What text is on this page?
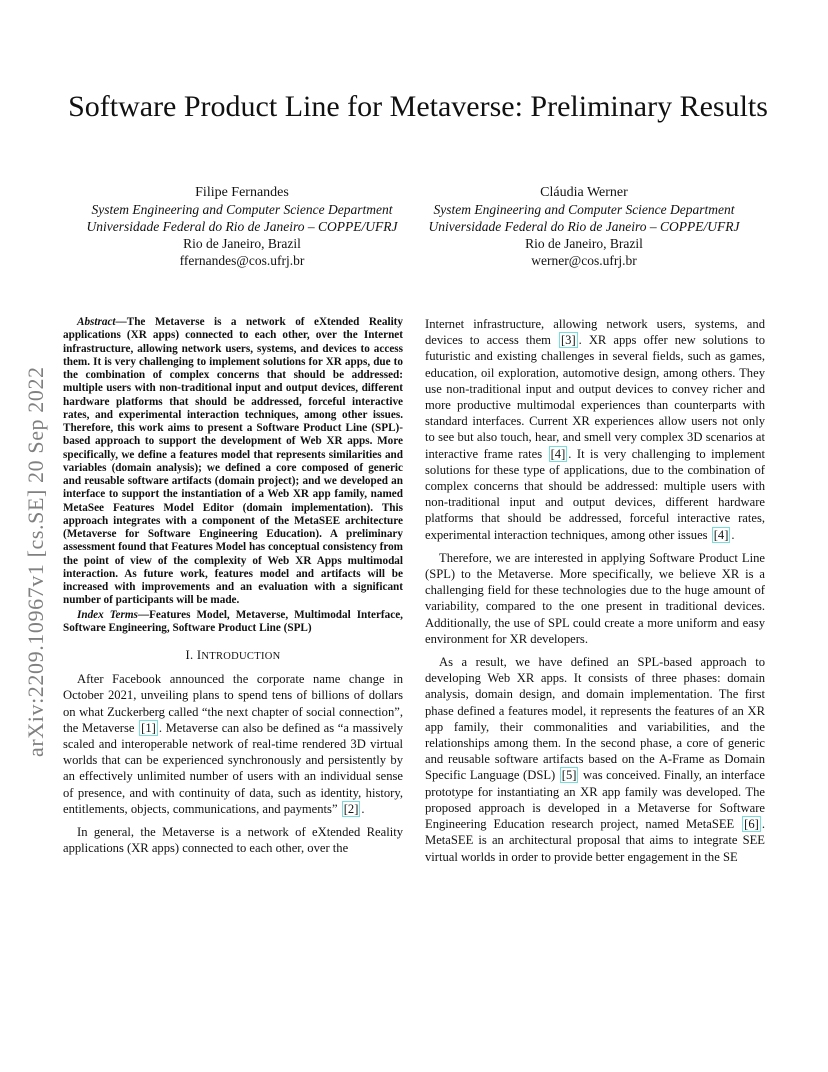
arXiv:2209.10967v1 [cs.SE] 20 Sep 2022
Software Product Line for Metaverse: Preliminary Results
Filipe Fernandes
System Engineering and Computer Science Department
Universidade Federal do Rio de Janeiro – COPPE/UFRJ
Rio de Janeiro, Brazil
ffernandes@cos.ufrj.br
Cláudia Werner
System Engineering and Computer Science Department
Universidade Federal do Rio de Janeiro – COPPE/UFRJ
Rio de Janeiro, Brazil
werner@cos.ufrj.br

Abstract—The Metaverse is a network of eXtended Reality applications (XR apps) connected to each other, over the Internet infrastructure, allowing network users, systems, and devices to access them. It is very challenging to implement solutions for XR apps, due to the combination of complex concerns that should be addressed: multiple users with non-traditional input and output devices, different hardware platforms that should be addressed, forceful interactive rates, and experimental interaction techniques, among other issues. Therefore, this work aims to present a Software Product Line (SPL)-based approach to support the development of Web XR apps. More specifically, we define a features model that represents similarities and variables (domain analysis); we defined a core composed of generic and reusable software artifacts (domain project); and we developed an interface to support the instantiation of a Web XR app family, named MetaSee Features Model Editor (domain implementation). This approach integrates with a component of the MetaSEE architecture (Metaverse for Software Engineering Education). A preliminary assessment found that Features Model has conceptual consistency from the point of view of the complexity of Web XR Apps multimodal interaction. As future work, features model and artifacts will be increased with improvements and an evaluation with a significant number of participants will be made.

Index Terms—Features Model, Metaverse, Multimodal Interface, Software Engineering, Software Product Line (SPL)

I. INTRODUCTION

After Facebook announced the corporate name change in October 2021, unveiling plans to spend tens of billions of dollars on what Zuckerberg called “the next chapter of social connection”, the Metaverse [1] . Metaverse can also be defined as “a massively scaled and interoperable network of real-time rendered 3D virtual worlds that can be experienced synchronously and persistently by an effectively unlimited number of users with an individual sense of presence, and with continuity of data, such as identity, history, entitlements, objects, communications, and payments” [2] .

In general, the Metaverse is a network of eXtended Reality applications (XR apps) connected to each other, over the

Internet infrastructure, allowing network users, systems, and devices to access them [3] . XR apps offer new solutions to futuristic and existing challenges in several fields, such as games, education, oil exploration, automotive design, among others. They use non-traditional input and output devices to convey richer and more productive multimodal experiences than counterparts with standard interfaces. Current XR experiences allow users not only to see but also touch, hear, and smell very complex 3D scenarios at interactive frame rates [4] . It is very challenging to implement solutions for these type of applications, due to the combination of complex concerns that should be addressed: multiple users with non-traditional input and output devices, different hardware platforms that should be addressed, forceful interactive rates, experimental interaction techniques, among other issues [4] .

Therefore, we are interested in applying Software Product Line (SPL) to the Metaverse. More specifically, we believe XR is a challenging field for these technologies due to the huge amount of variability, compared to the one present in traditional devices. Additionally, the use of SPL could create a more uniform and easy environment for XR developers.

As a result, we have defined an SPL-based approach to developing Web XR apps. It consists of three phases: domain analysis, domain design, and domain implementation. The first phase defined a features model, it represents the features of an XR app family, their commonalities and variabilities, and the relationships among them. In the second phase, a core of generic and reusable software artifacts based on the A-Frame as Domain Specific Language (DSL) [5] was conceived. Finally, an interface prototype for instantiating an XR app family was developed. The proposed approach is developed in a Metaverse for Software Engineering Education research project, named MetaSEE [6] . MetaSEE is an architectural proposal that aims to integrate SEE virtual worlds in order to provide better engagement in the SE
